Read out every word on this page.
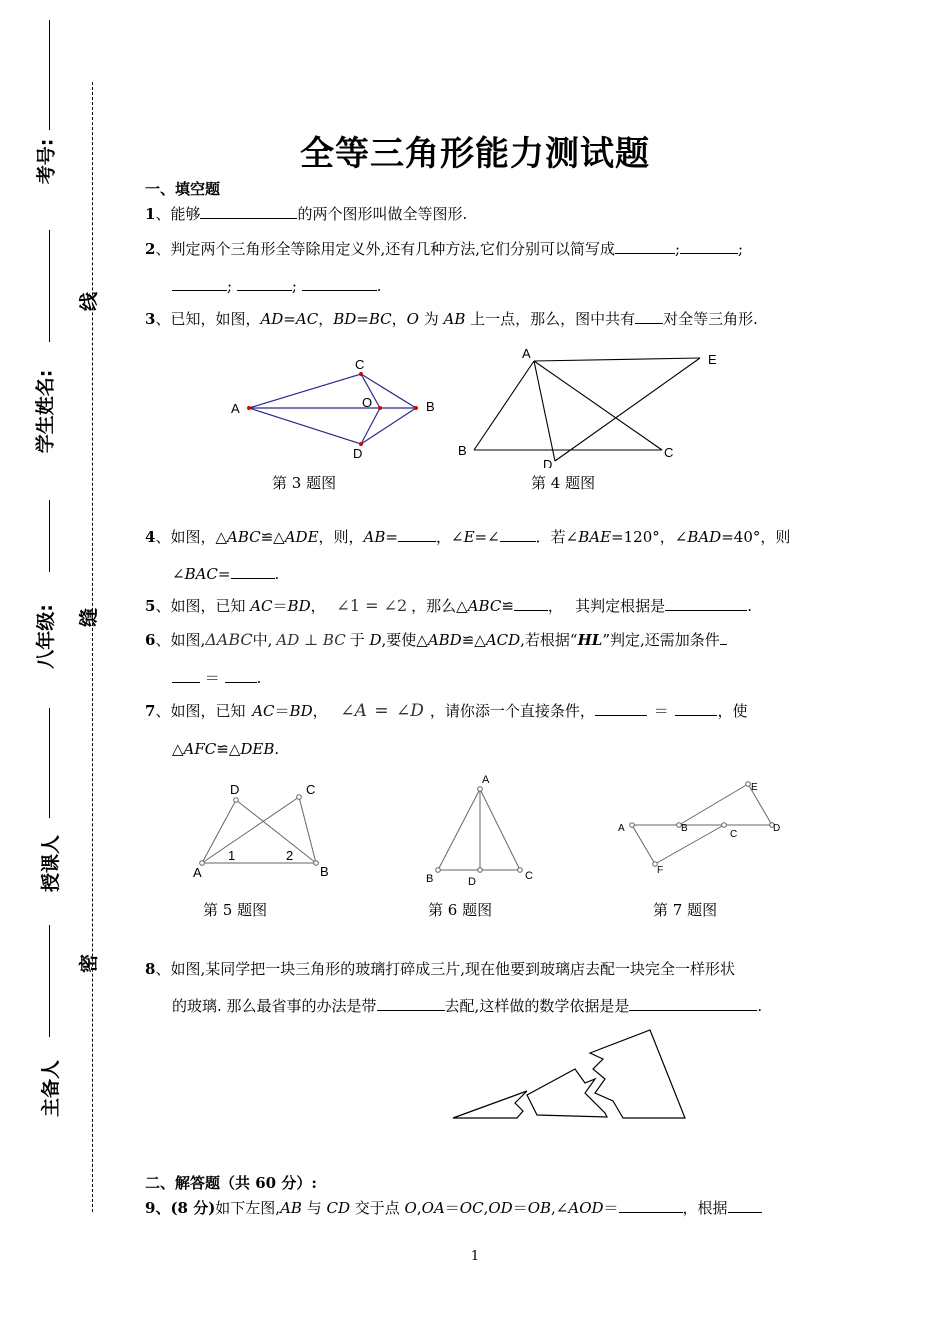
考号:
学生姓名:
八年级:
授课人
主备人
线
缝
密
全等三角形能力测试题
一、填空题
1、能够	的两个图形叫做全等图形.
2、判定两个三角形全等除用定义外,还有几种方法,它们分别可以简写成	;	;
;	;	.
3、已知，如图，AD=AC，BD=BC，O 为 AB 上一点，那么，图中共有 对全等三角形.
A
C
O	B
D
第 3 题图
A	E
B
D
C
第 4 题图
4、如图，△ABC≌△ADE，则，AB=	，∠E=∠ ．若∠BAE=120°，∠BAD=40°，则
∠BAC=	.
5、如图，已知 AC＝BD， ∠1 = ∠2 ，那么△ABC≌ ，　 其判定根据是	.
6、如图,ΔABC中, AD ⊥ BC 于 D,要使△ABD≌△ACD,若根据“HL”判定,还需加条件
＝ .
7、如图，已知 AC＝BD， ∠A = ∠D ，请你添一个直接条件，	＝	，使
△AFC≌△DEB.
D	C
1	2
A	B
第 5 题图
A
B	D	C
第 6 题图
E
A	B
C
D
F
第 7 题图
8、如图,某同学把一块三角形的玻璃打碎成三片,现在他要到玻璃店去配一块完全一样形状
的玻璃. 那么最省事的办法是带	去配,这样做的数学依据是是	.
二、解答题（共 60 分）:
9、(8 分)如下左图,AB 与 CD 交于点 O,OA＝OC,OD＝OB,∠AOD＝	，根据
1
